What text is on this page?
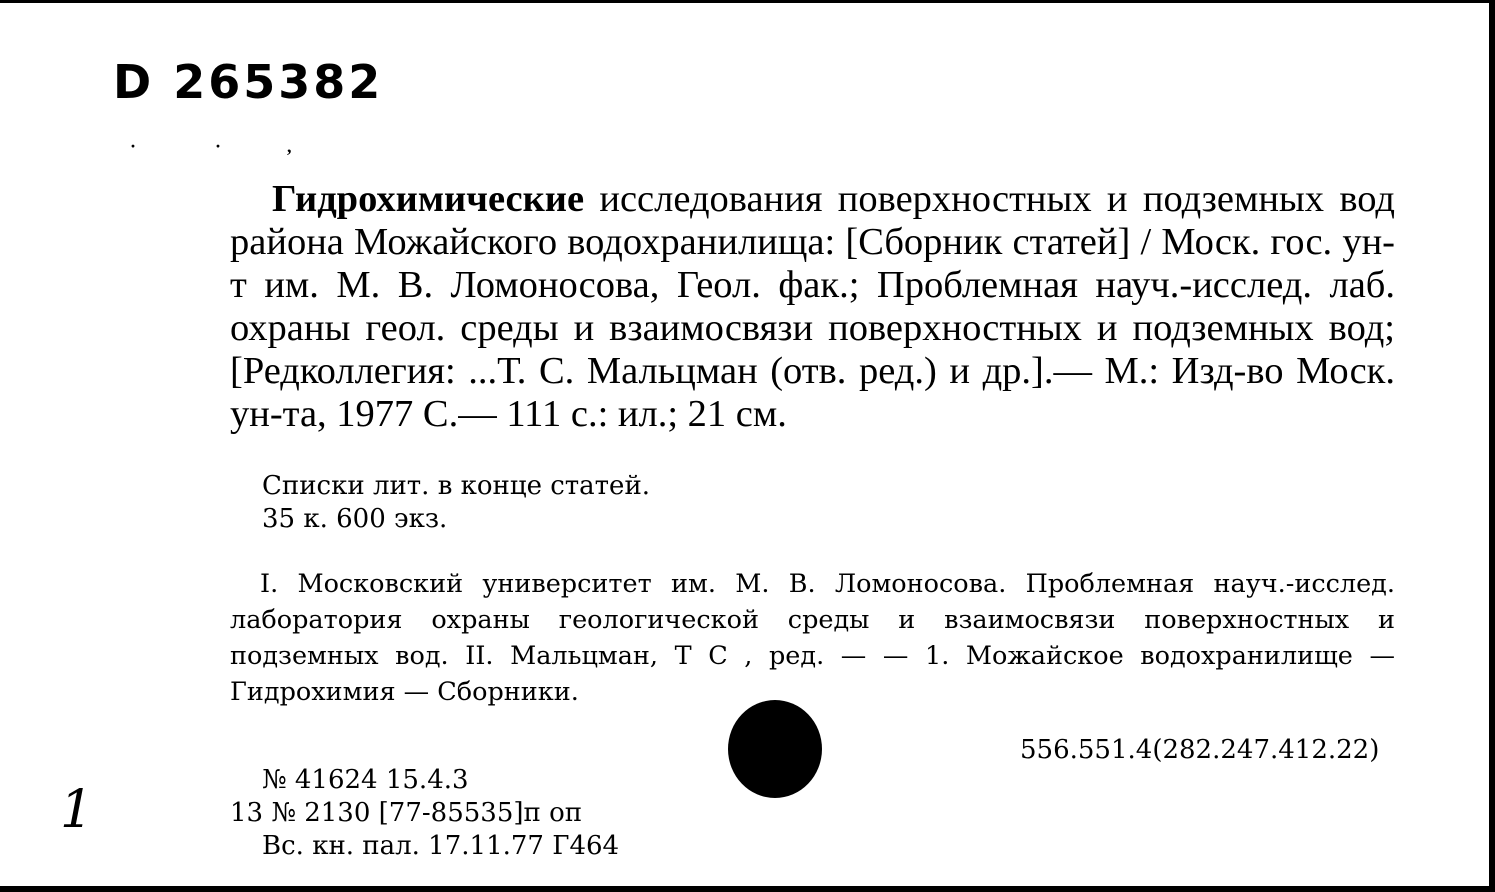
D 265382
·	·	,
Гидрохимические исследования поверхностных и подземных вод района Можайского водохранилища: [Сборник статей] / Моск. гос. ун-т им. М. В. Ломоносова, Геол. фак.; Проблемная науч.-исслед. лаб. охраны геол. среды и взаимосвязи поверхностных и подземных вод; [Редколлегия: ...Т. С. Мальцман (отв. ред.) и др.].— М.: Изд-во Моск. ун-та, 1977 С.— 111 с.: ил.; 21 см.
Списки лит. в конце статей.
35 к. 600 экз.
I. Московский университет им. М. В. Ломоносова. Проблемная науч.-исслед. лаборатория охраны геологической среды и взаимосвязи поверхностных и подземных вод. II. Мальцман, Т С , ред. — — 1. Можайское водохранилище — Гидрохимия — Сборники.
556.551.4(282.247.412.22)
№ 41624 15.4.3
13 № 2130 [77-85535]п оп
Вс. кн. пал. 17.11.77 Г464
1
